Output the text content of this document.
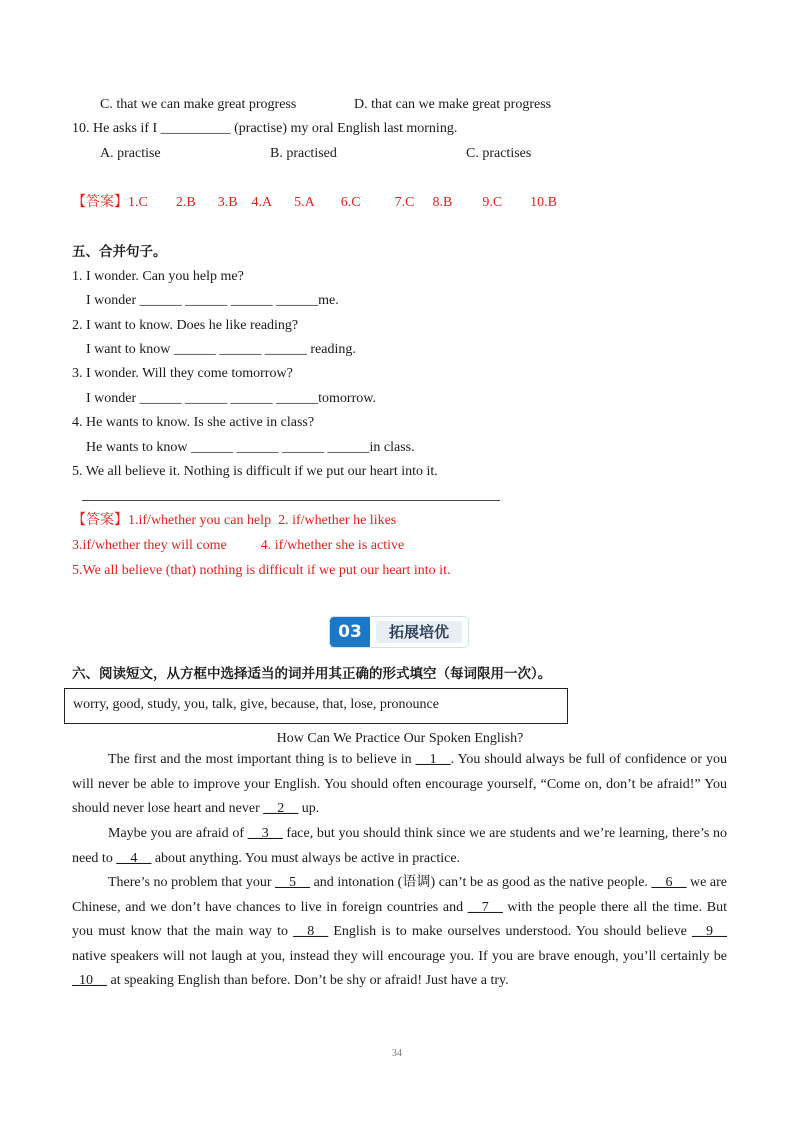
C. that we can make great progress	D. that can we make great progress
10. He asks if I __________ (practise) my oral English last morning.
A. practise	B. practised	C. practises
【答案】1.C 2.B 3.B 4.A 5.A 6.C 7.C 8.B 9.C 10.B
五、合并句子。
1. I wonder. Can you help me?
I wonder ______ ______ ______ ______me.
2. I want to know. Does he like reading?
I want to know ______ ______ ______ reading.
3. I wonder. Will they come tomorrow?
I wonder ______ ______ ______ ______tomorrow.
4. He wants to know. Is she active in class?
He wants to know ______ ______ ______ ______in class.
5. We all believe it. Nothing is difficult if we put our heart into it.
【答案】1.if/whether you can help 2. if/whether he likes
3.if/whether they will come 4. if/whether she is active
5.We all believe (that) nothing is difficult if we put our heart into it.
03	拓展培优
六、阅读短文，从方框中选择适当的词并用其正确的形式填空（每词限用一次）。
worry, good, study, you, talk, give, because, that, lose, pronounce
How Can We Practice Our Spoken English?
The first and the most important thing is to believe in __1__. You should always be full of confidence or you will never be able to improve your English. You should often encourage yourself, “Come on, don’t be afraid!” You should never lose heart and never __2__ up.
Maybe you are afraid of __3__ face, but you should think since we are students and we’re learning, there’s no need to __4__ about anything. You must always be active in practice.
There’s no problem that your __5__ and intonation (语调) can’t be as good as the native people. __6__ we are Chinese, and we don’t have chances to live in foreign countries and __7__ with the people there all the time. But you must know that the main way to __8__ English is to make ourselves understood. You should believe __9__ native speakers will not laugh at you, instead they will encourage you. If you are brave enough, you’ll certainly be _10__ at speaking English than before. Don’t be shy or afraid! Just have a try.
34
